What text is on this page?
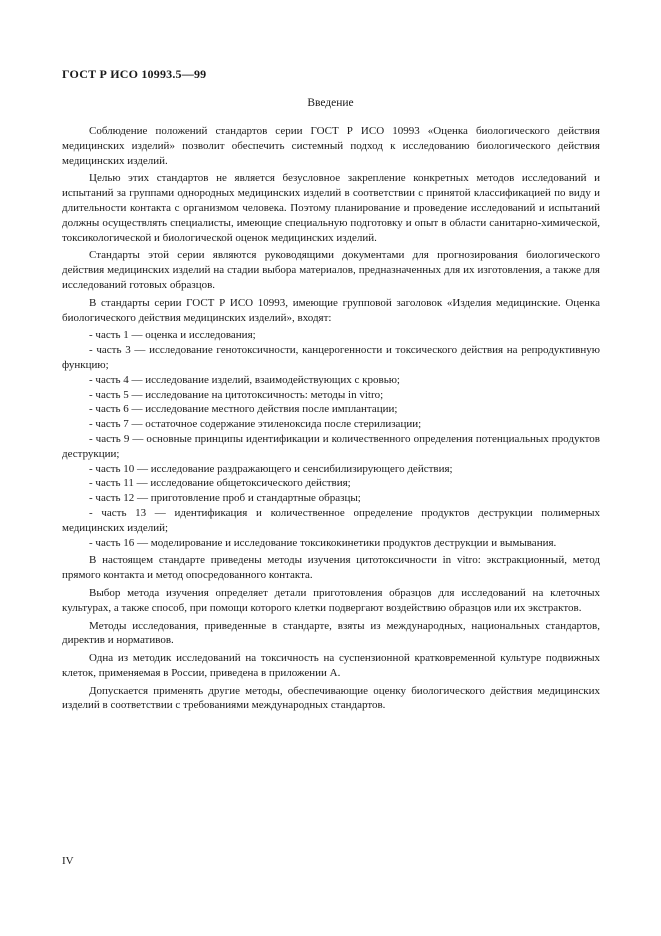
ГОСТ Р ИСО 10993.5—99
Введение

Соблюдение положений стандартов серии ГОСТ Р ИСО 10993 «Оценка биологического действия медицинских изделий» позволит обеспечить системный подход к исследованию биологического действия медицинских изделий.

Целью этих стандартов не является безусловное закрепление конкретных методов исследований и испытаний за группами однородных медицинских изделий в соответствии с принятой классификацией по виду и длительности контакта с организмом человека. Поэтому планирование и проведение исследований и испытаний должны осуществлять специалисты, имеющие специальную подготовку и опыт в области санитарно-химической, токсикологической и биологической оценок медицинских изделий.

Стандарты этой серии являются руководящими документами для прогнозирования биологического действия медицинских изделий на стадии выбора материалов, предназначенных для их изготовления, а также для исследований готовых образцов.

В стандарты серии ГОСТ Р ИСО 10993, имеющие групповой заголовок «Изделия медицинские. Оценка биологического действия медицинских изделий», входят:

- часть 1 — оценка и исследования;

- часть 3 — исследование генотоксичности, канцерогенности и токсического действия на репродуктивную функцию;

- часть 4 — исследование изделий, взаимодействующих с кровью;

- часть 5 — исследование на цитотоксичность: методы in vitro;

- часть 6 — исследование местного действия после имплантации;

- часть 7 — остаточное содержание этиленоксида после стерилизации;

- часть 9 — основные принципы идентификации и количественного определения потенциальных продуктов деструкции;

- часть 10 — исследование раздражающего и сенсибилизирующего действия;

- часть 11 — исследование общетоксического действия;

- часть 12 — приготовление проб и стандартные образцы;

- часть 13 — идентификация и количественное определение продуктов деструкции полимерных медицинских изделий;

- часть 16 — моделирование и исследование токсикокинетики продуктов деструкции и вымывания.

В настоящем стандарте приведены методы изучения цитотоксичности in vitro: экстракционный, метод прямого контакта и метод опосредованного контакта.

Выбор метода изучения определяет детали приготовления образцов для исследований на клеточных культурах, а также способ, при помощи которого клетки подвергают воздействию образцов или их экстрактов.

Методы исследования, приведенные в стандарте, взяты из международных, национальных стандартов, директив и нормативов.

Одна из методик исследований на токсичность на суспензионной кратковременной культуре подвижных клеток, применяемая в России, приведена в приложении А.

Допускается применять другие методы, обеспечивающие оценку биологического действия медицинских изделий в соответствии с требованиями международных стандартов.

IV
